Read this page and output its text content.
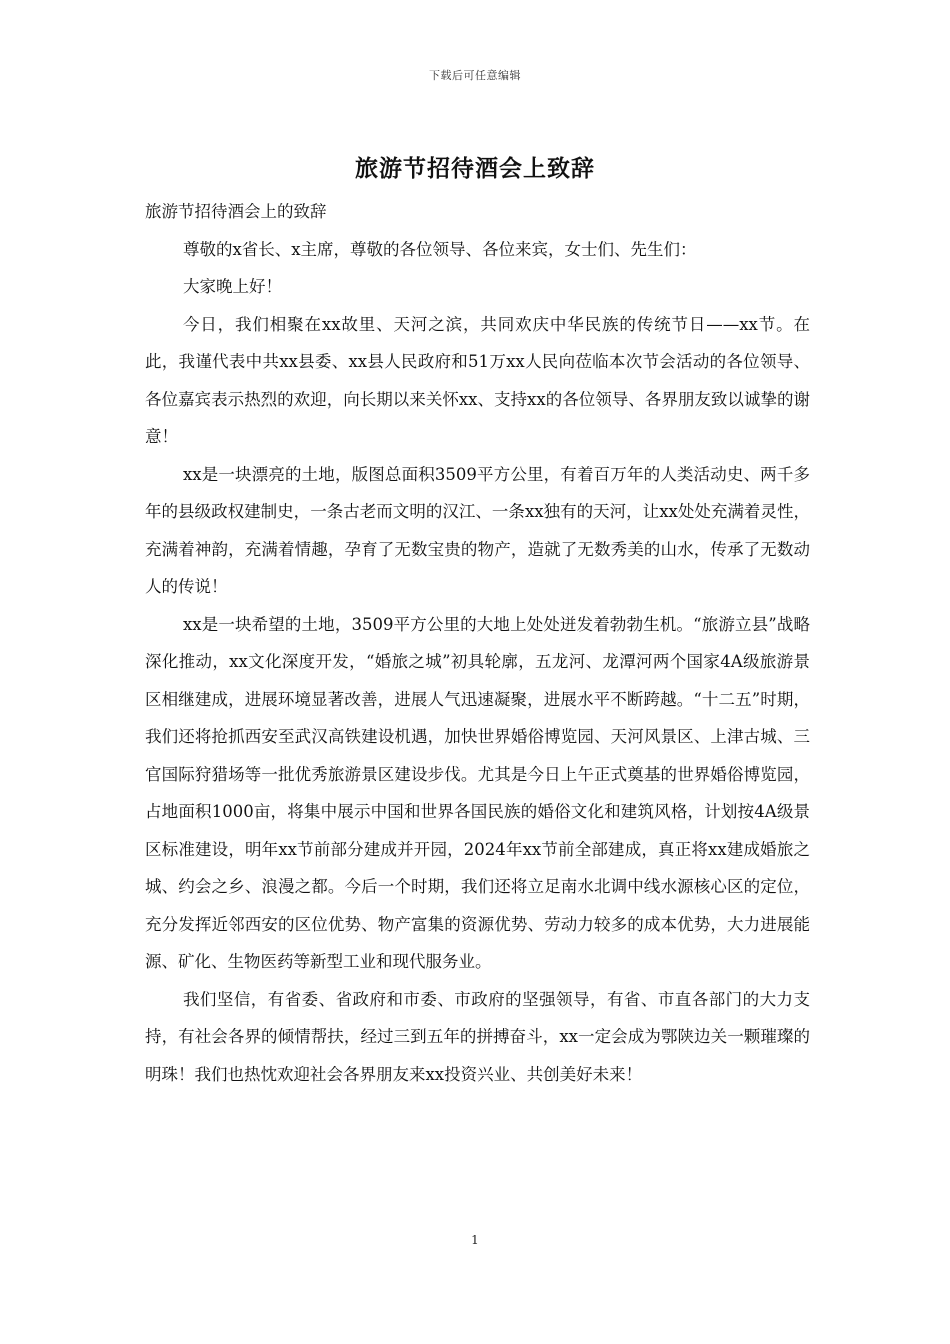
下载后可任意编辑
旅游节招待酒会上致辞

旅游节招待酒会上的致辞

尊敬的x省长、x主席，尊敬的各位领导、各位来宾，女士们、先生们：

大家晚上好！

今日，我们相聚在xx故里、天河之滨，共同欢庆中华民族的传统节日——xx节。在此，我谨代表中共xx县委、xx县人民政府和51万xx人民向莅临本次节会活动的各位领导、各位嘉宾表示热烈的欢迎，向长期以来关怀xx、支持xx的各位领导、各界朋友致以诚挚的谢意！

xx是一块漂亮的土地，版图总面积3509平方公里，有着百万年的人类活动史、两千多年的县级政权建制史，一条古老而文明的汉江、一条xx独有的天河，让xx处处充满着灵性，充满着神韵，充满着情趣，孕育了无数宝贵的物产，造就了无数秀美的山水，传承了无数动人的传说！

xx是一块希望的土地，3509平方公里的大地上处处迸发着勃勃生机。“旅游立县”战略深化推动，xx文化深度开发，“婚旅之城”初具轮廓，五龙河、龙潭河两个国家4A级旅游景区相继建成，进展环境显著改善，进展人气迅速凝聚，进展水平不断跨越。“十二五”时期，我们还将抢抓西安至武汉高铁建设机遇，加快世界婚俗博览园、天河风景区、上津古城、三官国际狩猎场等一批优秀旅游景区建设步伐。尤其是今日上午正式奠基的世界婚俗博览园，占地面积1000亩，将集中展示中国和世界各国民族的婚俗文化和建筑风格，计划按4A级景区标准建设，明年xx节前部分建成并开园，2024年xx节前全部建成，真正将xx建成婚旅之城、约会之乡、浪漫之都。今后一个时期，我们还将立足南水北调中线水源核心区的定位，充分发挥近邻西安的区位优势、物产富集的资源优势、劳动力较多的成本优势，大力进展能源、矿化、生物医药等新型工业和现代服务业。

我们坚信，有省委、省政府和市委、市政府的坚强领导，有省、市直各部门的大力支持，有社会各界的倾情帮扶，经过三到五年的拼搏奋斗，xx一定会成为鄂陕边关一颗璀璨的明珠！我们也热忱欢迎社会各界朋友来xx投资兴业、共创美好未来！

1
